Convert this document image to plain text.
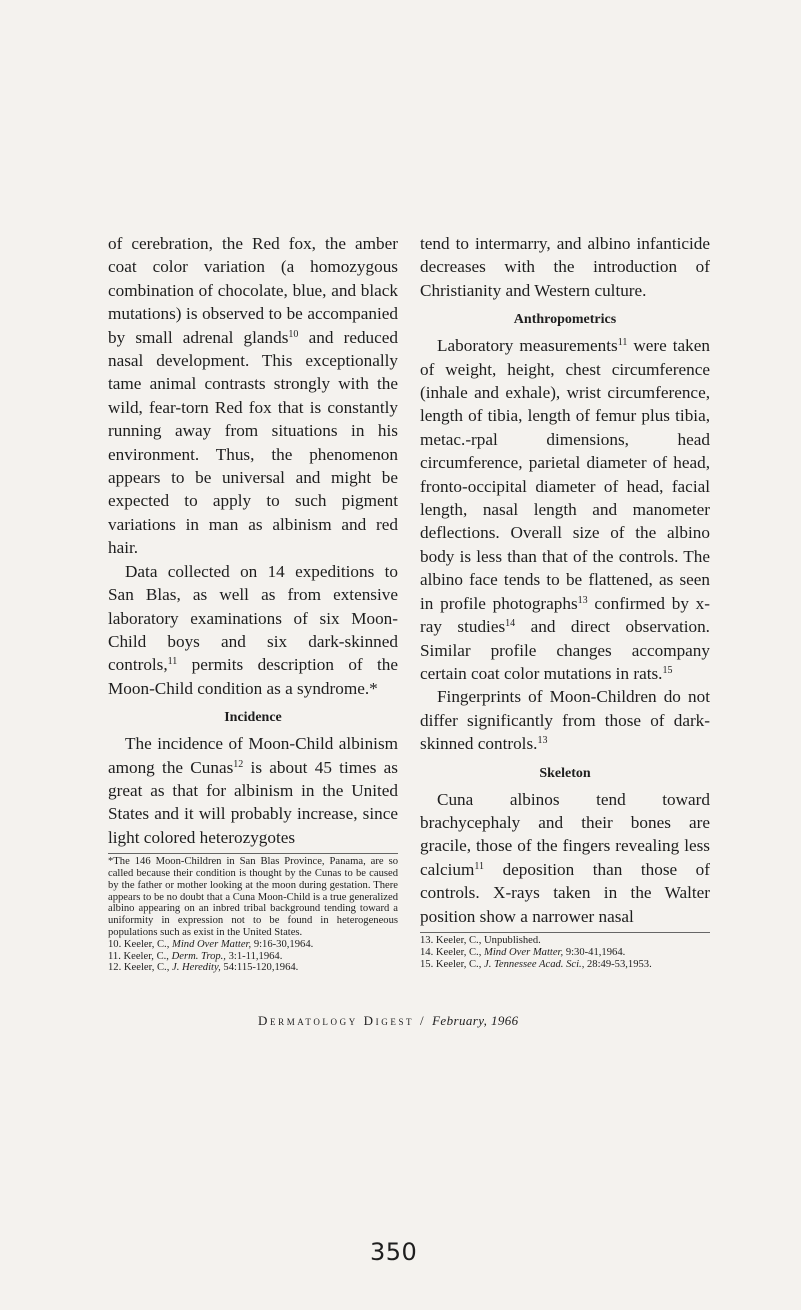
of cerebration, the Red fox, the amber coat color variation (a homozygous combination of chocolate, blue, and black mutations) is observed to be accompanied by small adrenal glands$^{10}$ and reduced nasal development. This exceptionally tame animal contrasts strongly with the wild, fear-torn Red fox that is constantly running away from situations in his environment. Thus, the phenomenon appears to be universal and might be expected to apply to such pigment variations in man as albinism and red hair.

Data collected on 14 expeditions to San Blas, as well as from extensive laboratory examinations of six Moon-Child boys and six dark-skinned controls,$^{11}$ permits description of the Moon-Child condition as a syndrome.*

Incidence

The incidence of Moon-Child albinism among the Cunas$^{12}$ is about 45 times as great as that for albinism in the United States and it will probably increase, since light colored heterozygotes

*The 146 Moon-Children in San Blas Province, Panama, are so called because their condition is thought by the Cunas to be caused by the father or mother looking at the moon during gestation. There appears to be no doubt that a Cuna Moon-Child is a true generalized albino appearing on an inbred tribal background tending toward a uniformity in expression not to be found in heterogeneous populations such as exist in the United States.

10. Keeler, C., Mind Over Matter, 9:16-30,1964.

11. Keeler, C., Derm. Trop., 3:1-11,1964.

12. Keeler, C., J. Heredity, 54:115-120,1964.

tend to intermarry, and albino infanticide decreases with the introduction of Christianity and Western culture.

Anthropometrics

Laboratory measurements$^{11}$ were taken of weight, height, chest circumference (inhale and exhale), wrist circumference, length of tibia, length of femur plus tibia, metac.-rpal dimensions, head circumference, parietal diameter of head, fronto-occipital diameter of head, facial length, nasal length and manometer deflections. Overall size of the albino body is less than that of the controls. The albino face tends to be flattened, as seen in profile photographs$^{13}$ confirmed by x-ray studies$^{14}$ and direct observation. Similar profile changes accompany certain coat color mutations in rats.$^{15}$

Fingerprints of Moon-Children do not differ significantly from those of dark-skinned controls.$^{13}$

Skeleton

Cuna albinos tend toward brachycephaly and their bones are gracile, those of the fingers revealing less calcium$^{11}$ deposition than those of controls. X-rays taken in the Walter position show a narrower nasal

13. Keeler, C., Unpublished.

14. Keeler, C., Mind Over Matter, 9:30-41,1964.

15. Keeler, C., J. Tennessee Acad. Sci., 28:49-53,1953.

Dermatology Digest / February, 1966
350
